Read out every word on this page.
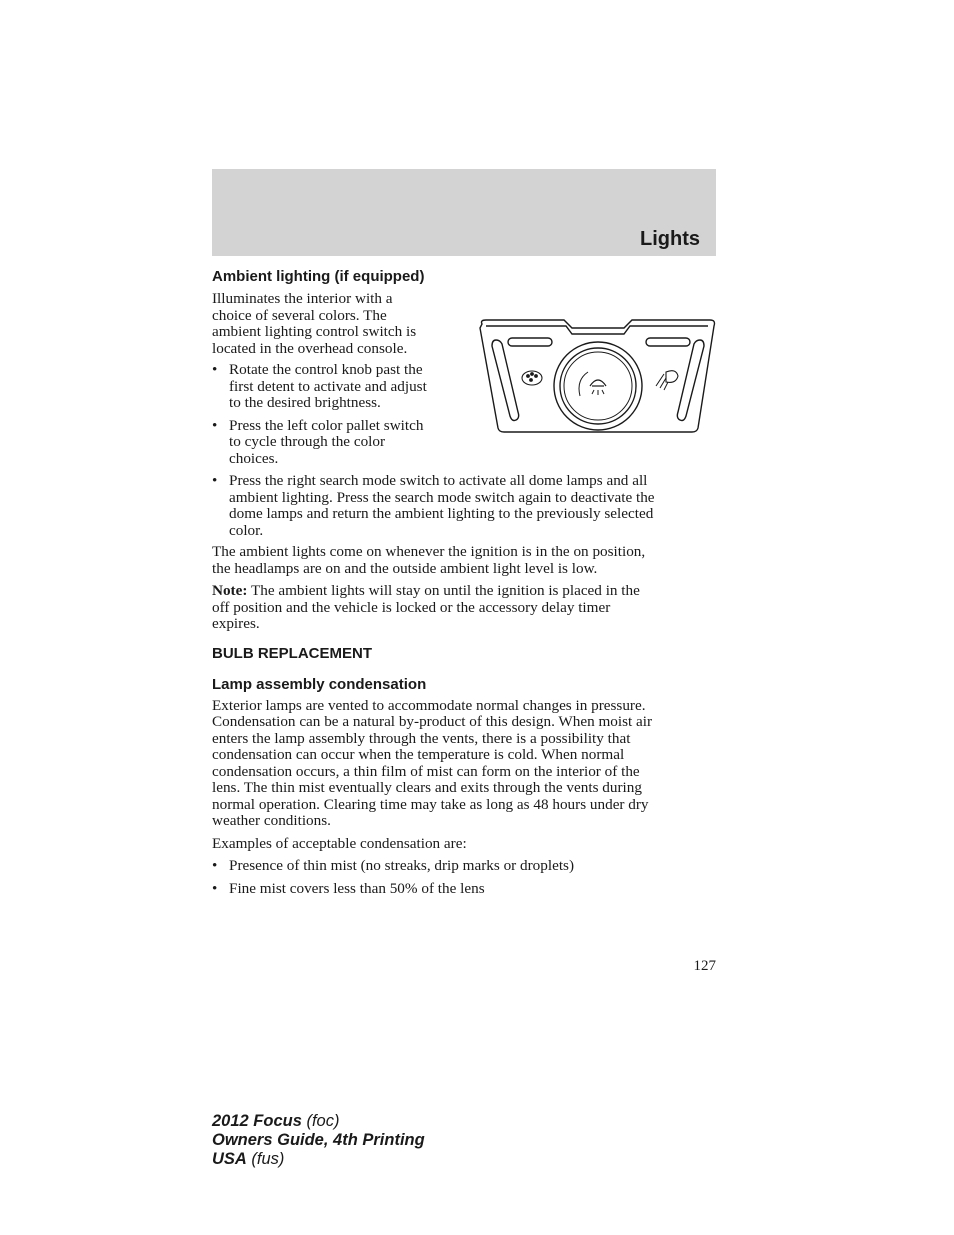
Lights
Ambient lighting (if equipped)

Illuminates the interior with a

choice of several colors. The

ambient lighting control switch is

located in the overhead console.

• Rotate the control knob past the
first detent to activate and adjust
to the desired brightness.
• Press the left color pallet switch
to cycle through the color
choices.
• Press the right search mode switch to activate all dome lamps and all
ambient lighting. Press the search mode switch again to deactivate the
dome lamps and return the ambient lighting to the previously selected
color.

The ambient lights come on whenever the ignition is in the on position,

the headlamps are on and the outside ambient light level is low.

Note: The ambient lights will stay on until the ignition is placed in the

off position and the vehicle is locked or the accessory delay timer

expires.

BULB REPLACEMENT
Lamp assembly condensation

Exterior lamps are vented to accommodate normal changes in pressure.

Condensation can be a natural by-product of this design. When moist air

enters the lamp assembly through the vents, there is a possibility that

condensation can occur when the temperature is cold. When normal

condensation occurs, a thin film of mist can form on the interior of the

lens. The thin mist eventually clears and exits through the vents during

normal operation. Clearing time may take as long as 48 hours under dry

weather conditions.

Examples of acceptable condensation are:

• Presence of thin mist (no streaks, drip marks or droplets)
• Fine mist covers less than 50% of the lens
127
2012 Focus (foc)
Owners Guide, 4th Printing
USA (fus)
